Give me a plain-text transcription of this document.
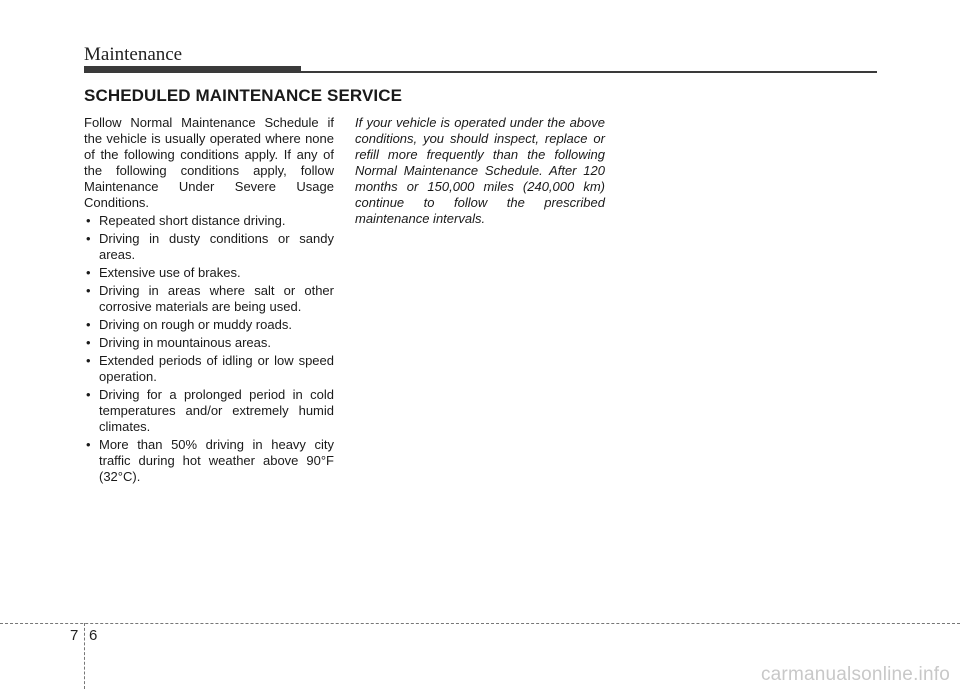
Maintenance
SCHEDULED MAINTENANCE SERVICE

Follow Normal Maintenance Schedule if the vehicle is usually operated where none of the following conditions apply. If any of the following conditions apply, follow Maintenance Under Severe Usage Conditions.

• Repeated short distance driving.
• Driving in dusty conditions or sandy areas.
• Extensive use of brakes.
• Driving in areas where salt or other corrosive materials are being used.
• Driving on rough or muddy roads.
• Driving in mountainous areas.
• Extended periods of idling or low speed operation.
• Driving for a prolonged period in cold temperatures and/or extremely humid climates.
• More than 50% driving in heavy city traffic during hot weather above 90°F (32°C).

If your vehicle is operated under the above conditions, you should inspect, replace or refill more frequently than the following Normal Maintenance Schedule. After 120 months or 150,000 miles (240,000 km) continue to follow the prescribed maintenance intervals.

7 6
carmanualsonline.info
